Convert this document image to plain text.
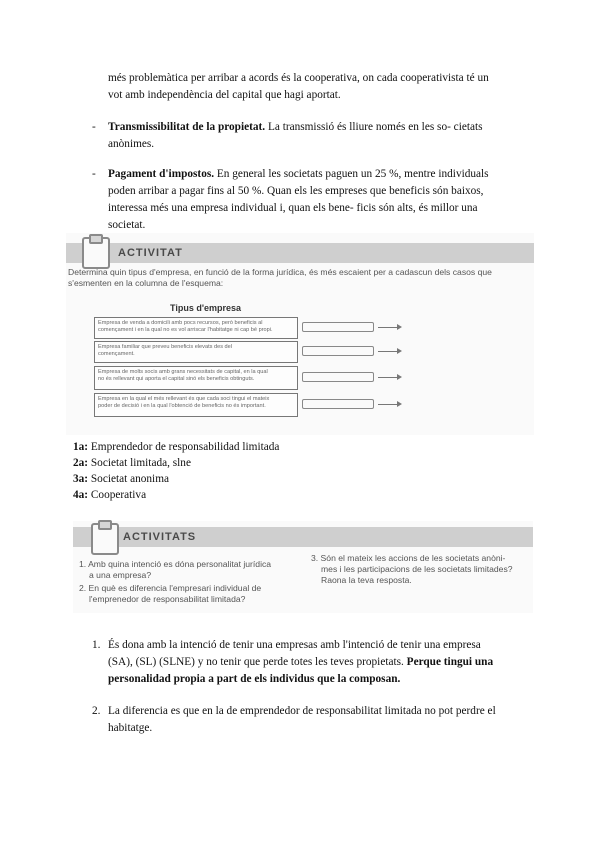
més problemàtica per arribar a acords és la cooperativa, on cada cooperativista té un
vot amb independència del capital que hagi aportat.
- Transmissibilitat de la propietat. La transmissió és lliure només en les so- cietats
anònimes.
- Pagament d'impostos. En general les societats paguen un 25 %, mentre individuals
poden arribar a pagar fins al 50 %. Quan els les empreses que beneficis són baixos,
interessa més una empresa individual i, quan els bene- ficis són alts, és millor una
societat.
ACTIVITAT
Determina quin tipus d'empresa, en funció de la forma jurídica, és més escaient per a cadascun dels casos que
s'esmenten en la columna de l'esquema:
Tipus d'empresa
Empresa de venda a domicili amb pocs recursos, però beneficis al
començament i en la qual no es vol arriscar l'habitatge ni cap bé propi.
Empresa familiar que preveu beneficis elevats des del
començament.
Empresa de molts socis amb grans necessitats de capital, en la qual
no és rellevant qui aporta el capital sinó els beneficis obtinguts.
Empresa en la qual el més rellevant és que cada soci tingui el mateix
poder de decisió i en la qual l'obtenció de beneficis no és important.
1a: Emprendedor de responsabilidad limitada
2a: Societat limitada, slne
3a: Societat anonima
4a: Cooperativa
ACTIVITATS
1. Amb quina intenció es dóna personalitat jurídica
a una empresa?
2. En què es diferencia l'empresari individual de
l'emprenedor de responsabilitat limitada?
3. Són el mateix les accions de les societats anòni-
mes i les participacions de les societats limitades?
Raona la teva resposta.
1. És dona amb la intenció de tenir una empresas amb l'intenció de tenir una empresa
(SA), (SL) (SLNE) y no tenir que perde totes les teves propietats. Perque tingui una
personalidad propia a part de els individus que la composan.
2. La diferencia es que en la de emprendedor de responsabilitat limitada no pot perdre el
habitatge.
